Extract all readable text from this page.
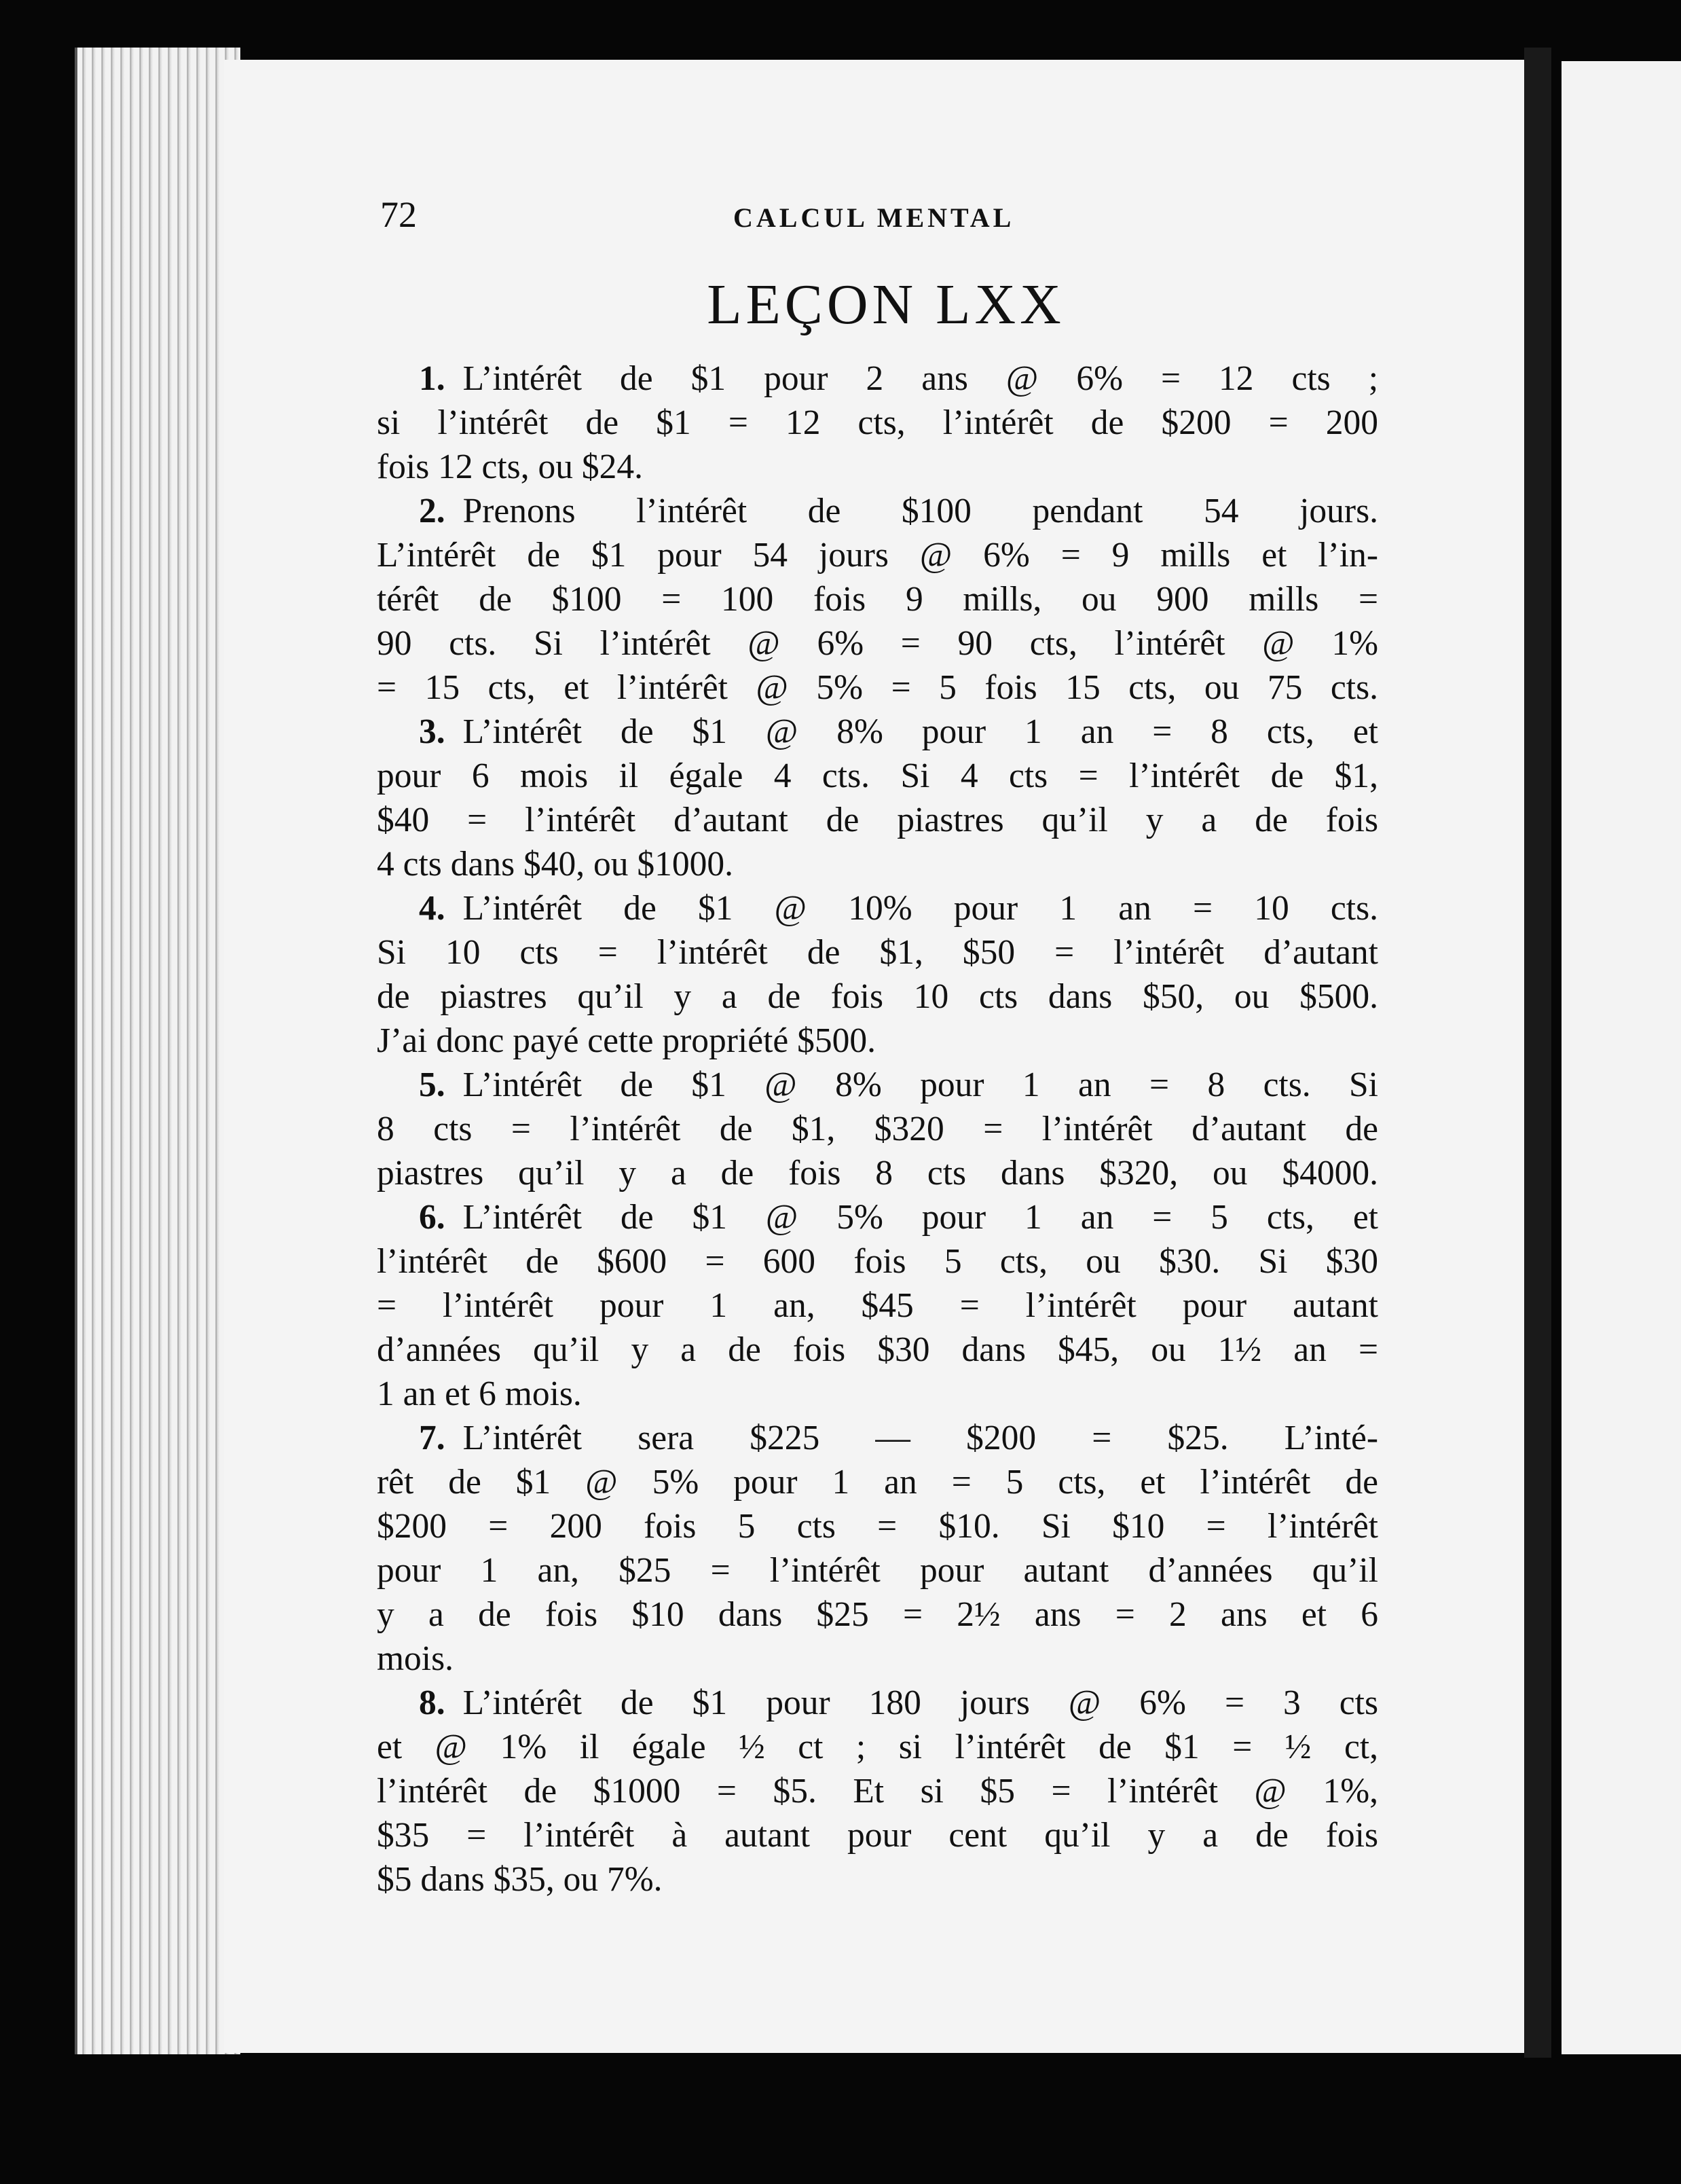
72	CALCUL MENTAL
LEÇON LXX
1. L’intérêt de $1 pour 2 ans @ 6% = 12 cts ;
si l’intérêt de $1 = 12 cts, l’intérêt de $200 = 200
fois 12 cts, ou $24.
2. Prenons l’intérêt de $100 pendant 54 jours.
L’intérêt de $1 pour 54 jours @ 6% = 9 mills et l’in-
térêt de $100 = 100 fois 9 mills, ou 900 mills =
90 cts. Si l’intérêt @ 6% = 90 cts, l’intérêt @ 1%
= 15 cts, et l’intérêt @ 5% = 5 fois 15 cts, ou 75 cts.
3. L’intérêt de $1 @ 8% pour 1 an = 8 cts, et
pour 6 mois il égale 4 cts. Si 4 cts = l’intérêt de $1,
$40 = l’intérêt d’autant de piastres qu’il y a de fois
4 cts dans $40, ou $1000.
4. L’intérêt de $1 @ 10% pour 1 an = 10 cts.
Si 10 cts = l’intérêt de $1, $50 = l’intérêt d’autant
de piastres qu’il y a de fois 10 cts dans $50, ou $500.
J’ai donc payé cette propriété $500.
5. L’intérêt de $1 @ 8% pour 1 an = 8 cts. Si
8 cts = l’intérêt de $1, $320 = l’intérêt d’autant de
piastres qu’il y a de fois 8 cts dans $320, ou $4000.
6. L’intérêt de $1 @ 5% pour 1 an = 5 cts, et
l’intérêt de $600 = 600 fois 5 cts, ou $30. Si $30
= l’intérêt pour 1 an, $45 = l’intérêt pour autant
d’années qu’il y a de fois $30 dans $45, ou 1½ an =
1 an et 6 mois.
7. L’intérêt sera $225 — $200 = $25. L’inté-
rêt de $1 @ 5% pour 1 an = 5 cts, et l’intérêt de
$200 = 200 fois 5 cts = $10. Si $10 = l’intérêt
pour 1 an, $25 = l’intérêt pour autant d’années qu’il
y a de fois $10 dans $25 = 2½ ans = 2 ans et 6
mois.
8. L’intérêt de $1 pour 180 jours @ 6% = 3 cts
et @ 1% il égale ½ ct ; si l’intérêt de $1 = ½ ct,
l’intérêt de $1000 = $5. Et si $5 = l’intérêt @ 1%,
$35 = l’intérêt à autant pour cent qu’il y a de fois
$5 dans $35, ou 7%.
